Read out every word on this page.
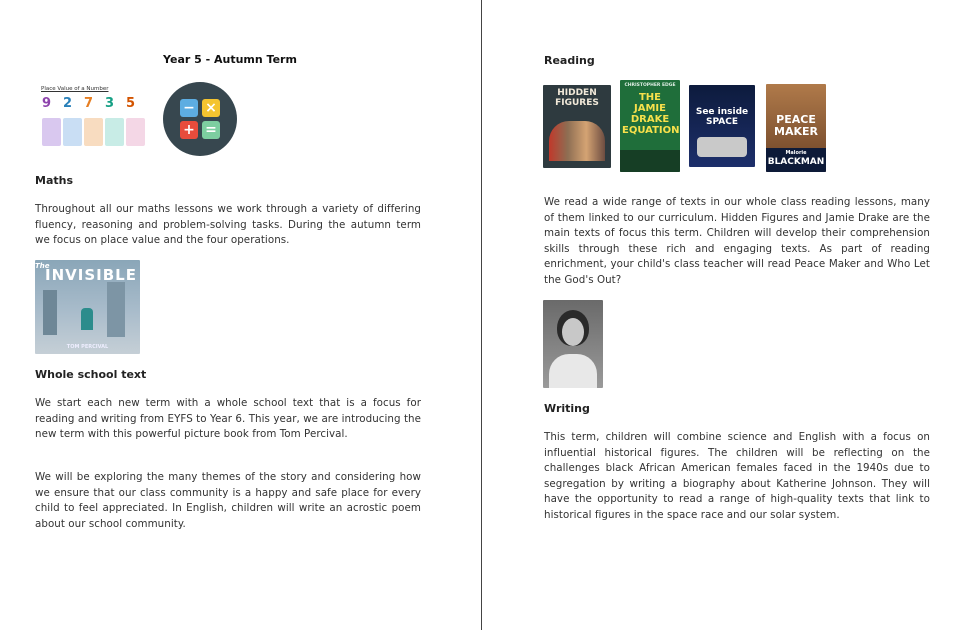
Year 5 - Autumn Term
Place Value of a Number
9 2 7 3 5	− ×
+ =
Maths
Throughout all our maths lessons we work through a variety of differing fluency, reasoning and problem-solving tasks. During the autumn term we focus on place value and the four operations.
The
INVISIBLE
TOM PERCIVAL
Whole school text
We start each new term with a whole school text that is a focus for reading and writing from EYFS to Year 6. This year, we are introducing the new term with this powerful picture book from Tom Percival.
We will be exploring the many themes of the story and considering how we ensure that our class community is a happy and safe place for every child to feel appreciated. In English, children will write an acrostic poem about our school community.
Reading
HIDDEN FIGURES
CHRISTOPHER EDGE
THE JAMIE DRAKE EQUATION
See inside SPACE	PEACE MAKER
Malorie
BLACKMAN
We read a wide range of texts in our whole class reading lessons, many of them linked to our curriculum. Hidden Figures and Jamie Drake are the main texts of focus this term. Children will develop their comprehension skills through these rich and engaging texts. As part of reading enrichment, your child's class teacher will read Peace Maker and Who Let the God's Out?
Writing
This term, children will combine science and English with a focus on influential historical figures. The children will be reflecting on the challenges black African American females faced in the 1940s due to segregation by writing a biography about Katherine Johnson. They will have the opportunity to read a range of high-quality texts that link to historical figures in the space race and our solar system.
